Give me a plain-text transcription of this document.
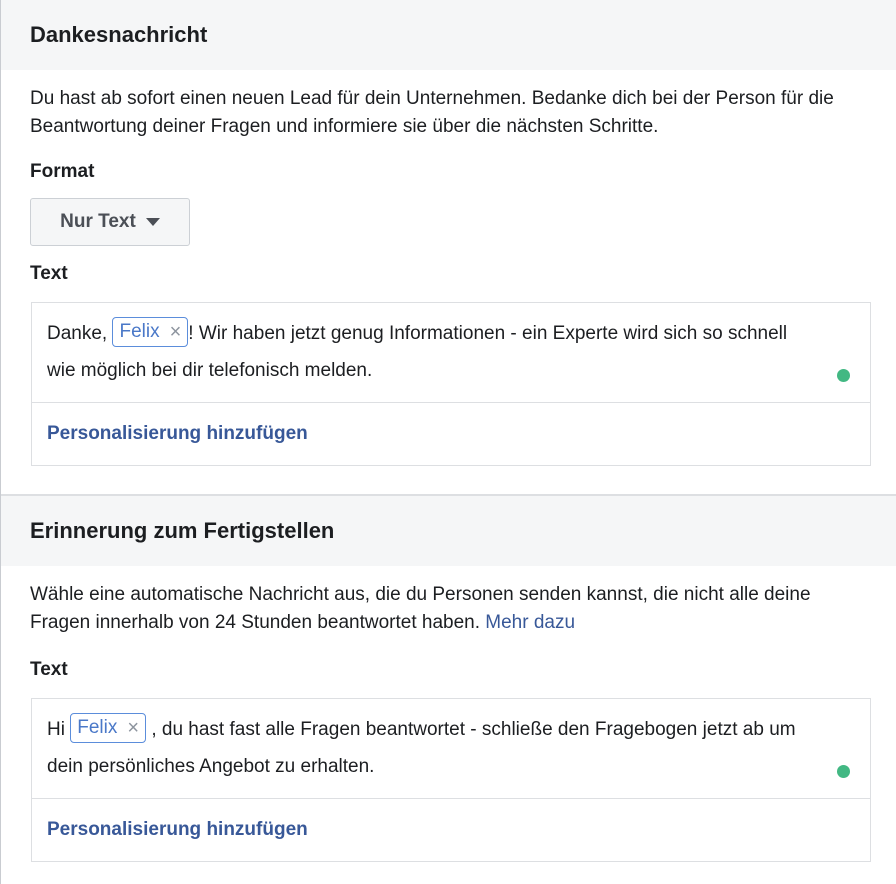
Dankesnachricht
Du hast ab sofort einen neuen Lead für dein Unternehmen. Bedanke dich bei der Person für die Beantwortung deiner Fragen und informiere sie über die nächsten Schritte.
Format
Nur Text
Text
Danke, Felix × ! Wir haben jetzt genug Informationen - ein Experte wird sich so schnell wie möglich bei dir telefonisch melden.
Personalisierung hinzufügen
Erinnerung zum Fertigstellen
Wähle eine automatische Nachricht aus, die du Personen senden kannst, die nicht alle deine Fragen innerhalb von 24 Stunden beantwortet haben. Mehr dazu
Text
Hi Felix × , du hast fast alle Fragen beantwortet - schließe den Fragebogen jetzt ab um dein persönliches Angebot zu erhalten.
Personalisierung hinzufügen
